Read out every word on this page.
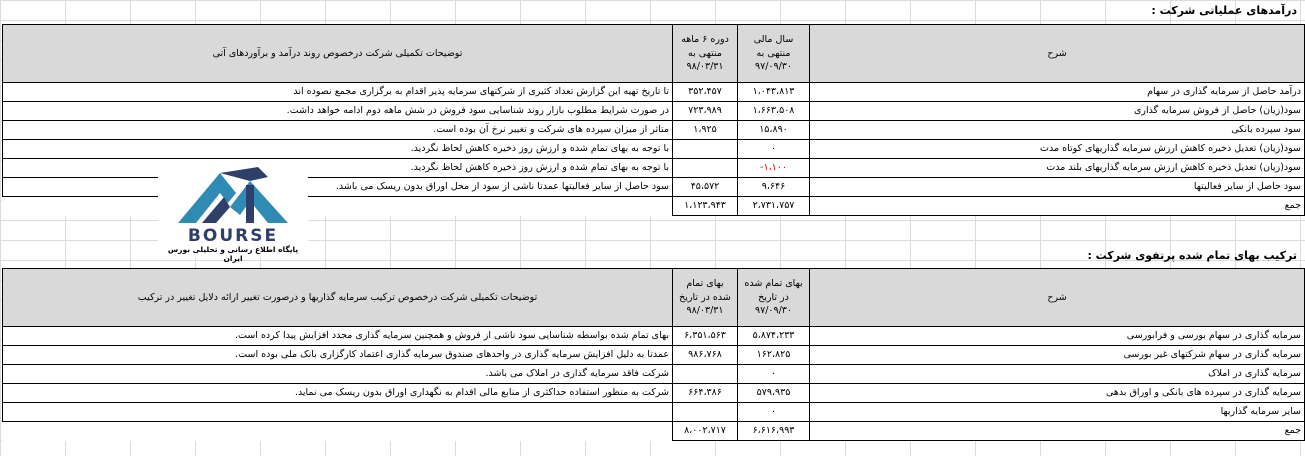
درآمدهای عملیاتی شرکت :
شرح	سال مالی منتهی به ۹۷/۰۹/۳۰	دوره ۶ ماهه منتهی به ۹۸/۰۳/۳۱	توضیحات تکمیلی شرکت درخصوص روند درآمد و برآوردهای آتی
درآمد حاصل از سرمایه گذاری در سهام	۱،۰۴۳،۸۱۳	۳۵۲،۴۵۷	تا تاریخ تهیه این گزارش تعداد کثیری از شرکتهای سرمایه پذیر اقدام به برگزاری مجمع نصوده اند
سود(زیان) حاصل از فروش سرمایه گذاری	۱،۶۶۳،۵۰۸	۷۲۳،۹۸۹	در صورت شرایط مطلوب بازار روند شناسایی سود فروش در شش ماهه دوم ادامه خواهد داشت.
سود سپرده بانکی	۱۵،۸۹۰	۱،۹۲۵	متاثر از میزان سپرده های شرکت و تغییر نرخ آن بوده است.
سود(زیان) تعدیل ذخیره کاهش ارزش سرمایه گذاریهای کوتاه مدت	۰		با توجه به بهای تمام شده و ارزش روز ذخیره کاهش لحاظ نگردید.
سود(زیان) تعدیل ذخیره کاهش ارزش سرمایه گذاریهای بلند مدت	-۱،۱۰۰		با توجه به بهای تمام شده و ارزش روز ذخیره کاهش لحاظ نگردید.
سود حاصل از سایر فعالیتها	۹،۶۴۶	۴۵،۵۷۲	سود حاصل از سایر فعالیتها عمدتا ناشی از سود از محل اوراق بدون ریسک می باشد.
جمع	۲،۷۳۱،۷۵۷	۱،۱۲۳،۹۴۳	
BOURSE
پایگاه اطلاع رسانی و تحلیلی بورس ایران	ترکیب بهای تمام شده پرتفوی شرکت :
شرح	بهای تمام شده در تاریخ ۹۷/۰۹/۳۰	بهای تمام شده در تاریخ ۹۸/۰۳/۳۱	توضیحات تکمیلی شرکت درخصوص ترکیب سرمایه گذاریها و درصورت تغییر ارائه دلایل تغییر در ترکیب
سرمایه گذاری در سهام بورسی و فرابورسی	۵،۸۷۴،۲۳۳	۶،۳۵۱،۵۶۳	بهای تمام شده بواسطه شناسایی سود ناشی از فروش و همچنین سرمایه گذاری مجدد افزایش پیدا کرده است.
سرمایه گذاری در سهام شرکتهای غیر بورسی	۱۶۲،۸۲۵	۹۸۶،۷۶۸	عمدتا به دلیل افزایش سرمایه گذاری در واحدهای صندوق سرمایه گذاری اعتماد کارگزاری بانک ملی بوده است.
سرمایه گذاری در املاک	۰		شرکت فاقد سرمایه گذاری در املاک می باشد.
سرمایه گذاری در سپرده های بانکی و اوراق بدهی	۵۷۹،۹۳۵	۶۶۴،۳۸۶	شرکت به منظور استفاده حداکثری از منابع مالی اقدام به نگهداری اوراق بدون ریسک می نماید.
سایر سرمایه گذاریها	۰		
جمع	۶،۶۱۶،۹۹۳	۸،۰۰۲،۷۱۷	
